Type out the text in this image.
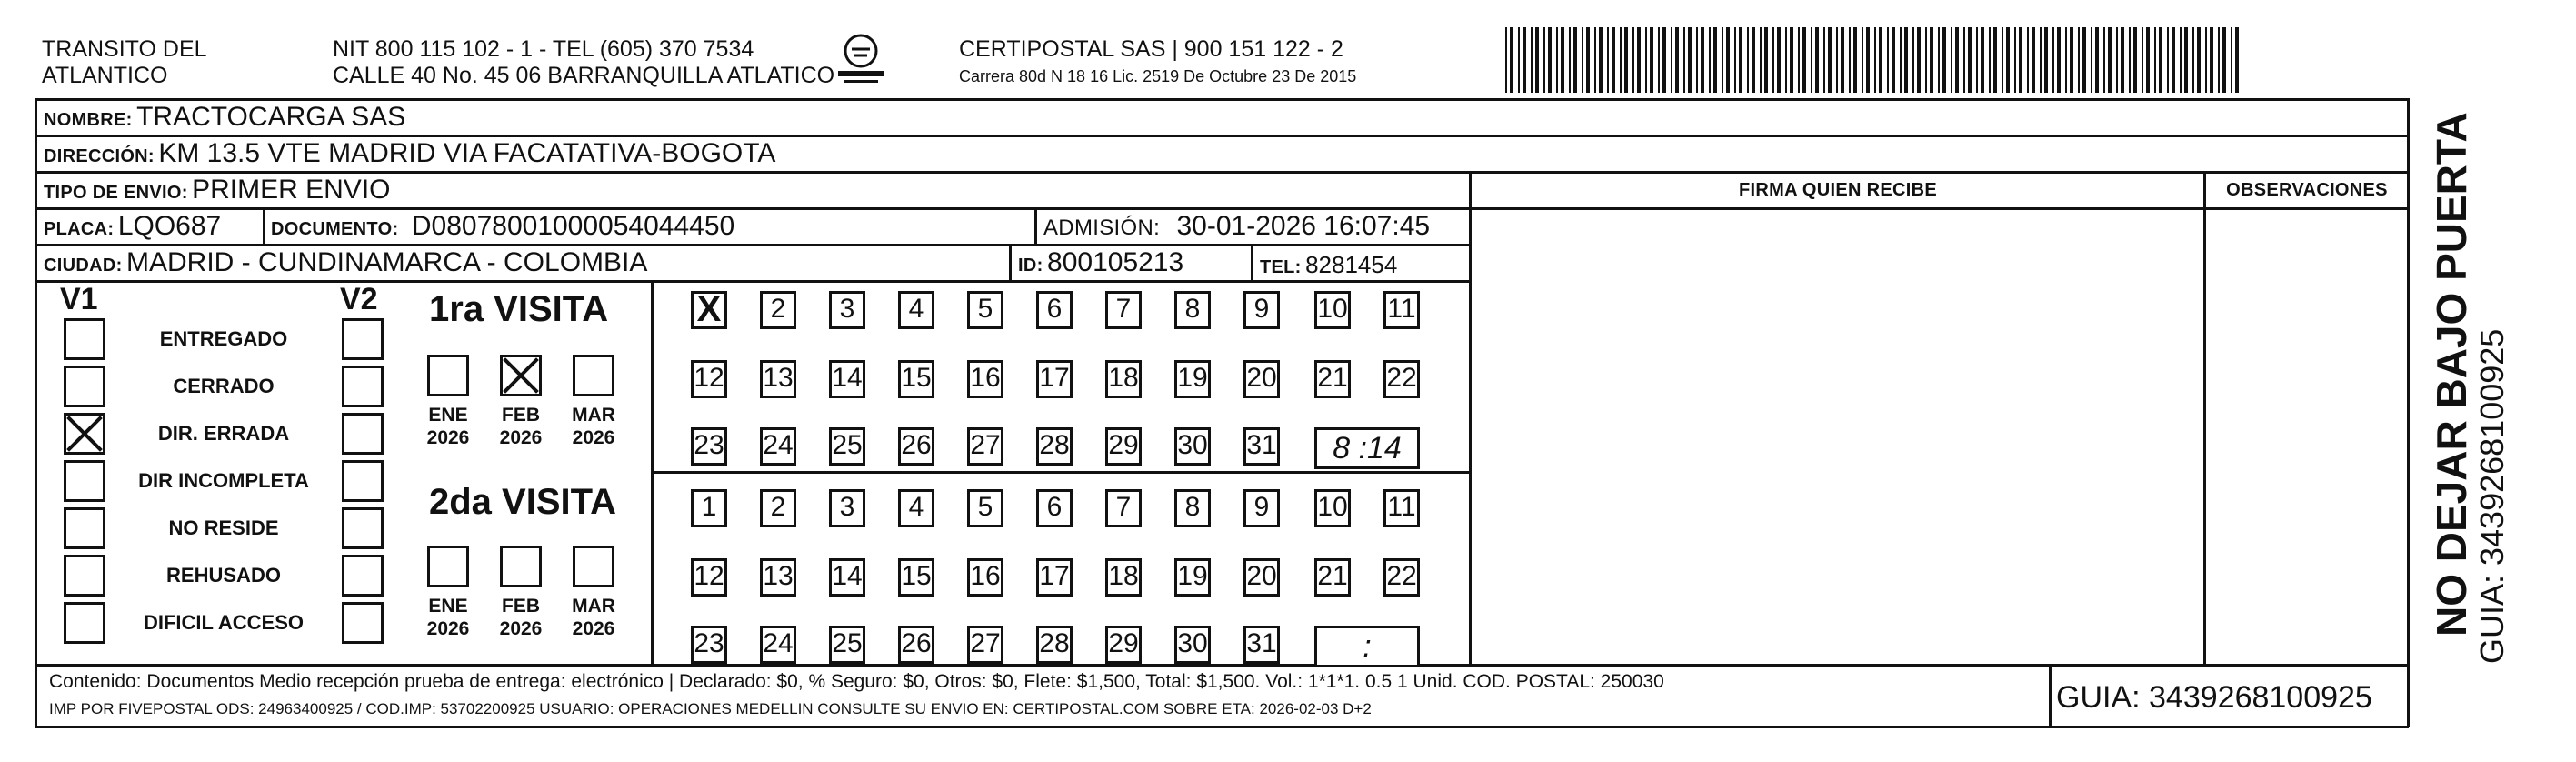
TRANSITO DEL
ATLANTICO
NIT 800 115 102 - 1 - TEL (605) 370 7534
CALLE 40 No. 45 06 BARRANQUILLA ATLATICO
CERTIPOSTAL SAS | 900 151 122 - 2
Carrera 80d N 18 16 Lic. 2519 De Octubre 23 De 2015
NOMBRE: TRACTOCARGA SAS
DIRECCIÓN: KM 13.5 VTE MADRID VIA FACATATIVA-BOGOTA
TIPO DE ENVIO: PRIMER ENVIO	FIRMA QUIEN RECIBE	OBSERVACIONES
PLACA: LQO687	DOCUMENTO: D08078001000054044450	ADMISIÓN: 30-01-2026 16:07:45
CIUDAD: MADRID - CUNDINAMARCA - COLOMBIA	ID: 800105213	TEL: 8281454
V1	V2
ENTREGADO
CERRADO
DIR. ERRADA
DIR INCOMPLETA
NO RESIDE
REHUSADO
DIFICIL ACCESO
1ra VISITA
2da VISITA
ENE
2026
FEB
2026
MAR
2026
ENE
2026
FEB
2026
MAR
2026
X	2	3	4	5	6	7	8	9	10 11
12 13 14 15 16 17 18 19 20 21 22
23 24 25 26 27 28 29 30 31	8 :14
1	2	3	4	5	6	7	8	9	10 11
12 13 14 15 16 17 18 19 20 21 22
23 24 25 26 27 28 29 30 31	:
Contenido: Documentos Medio recepción prueba de entrega: electrónico | Declarado: $0, % Seguro: $0, Otros: $0, Flete: $1,500, Total: $1,500. Vol.: 1*1*1. 0.5 1 Unid. COD. POSTAL: 250030
IMP POR FIVEPOSTAL ODS: 24963400925 / COD.IMP: 53702200925 USUARIO: OPERACIONES MEDELLIN CONSULTE SU ENVIO EN: CERTIPOSTAL.COM SOBRE ETA: 2026-02-03 D+2	GUIA: 3439268100925
NO DEJAR BAJO PUERTA
GUIA: 3439268100925
